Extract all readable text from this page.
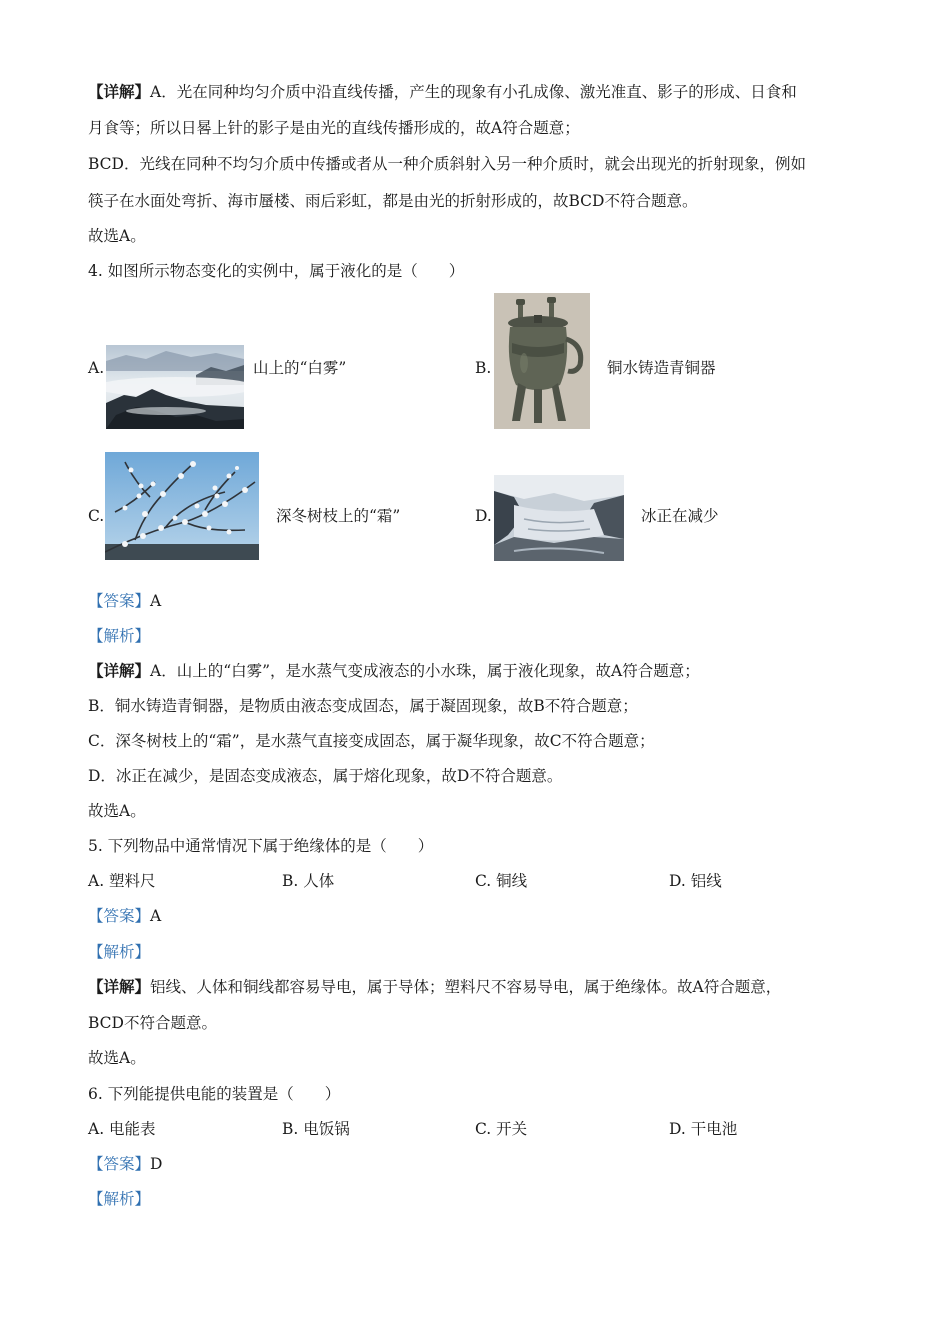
【详解】A．光在同种均匀介质中沿直线传播，产生的现象有小孔成像、激光准直、影子的形成、日食和
月食等；所以日晷上针的影子是由光的直线传播形成的，故A符合题意；
BCD．光线在同种不均匀介质中传播或者从一种介质斜射入另一种介质时，就会出现光的折射现象，例如
筷子在水面处弯折、海市蜃楼、雨后彩虹，都是由光的折射形成的，故BCD不符合题意。
故选A。
4. 如图所示物态变化的实例中，属于液化的是（　　）
A.	山上的“白雾”	B.	铜水铸造青铜器
C.	深冬树枝上的“霜”	D.	冰正在减少
【答案】A
【解析】
【详解】A．山上的“白雾”，是水蒸气变成液态的小水珠，属于液化现象，故A符合题意；
B．铜水铸造青铜器，是物质由液态变成固态，属于凝固现象，故B不符合题意；
C．深冬树枝上的“霜”，是水蒸气直接变成固态，属于凝华现象，故C不符合题意；
D．冰正在减少，是固态变成液态，属于熔化现象，故D不符合题意。
故选A。
5. 下列物品中通常情况下属于绝缘体的是（　　）
A. 塑料尺	B. 人体	C. 铜线	D. 铝线
【答案】A
【解析】
【详解】铝线、人体和铜线都容易导电，属于导体；塑料尺不容易导电，属于绝缘体。故A符合题意，
BCD不符合题意。
故选A。
6. 下列能提供电能的装置是（　　）
A. 电能表	B. 电饭锅	C. 开关	D. 干电池
【答案】D
【解析】
